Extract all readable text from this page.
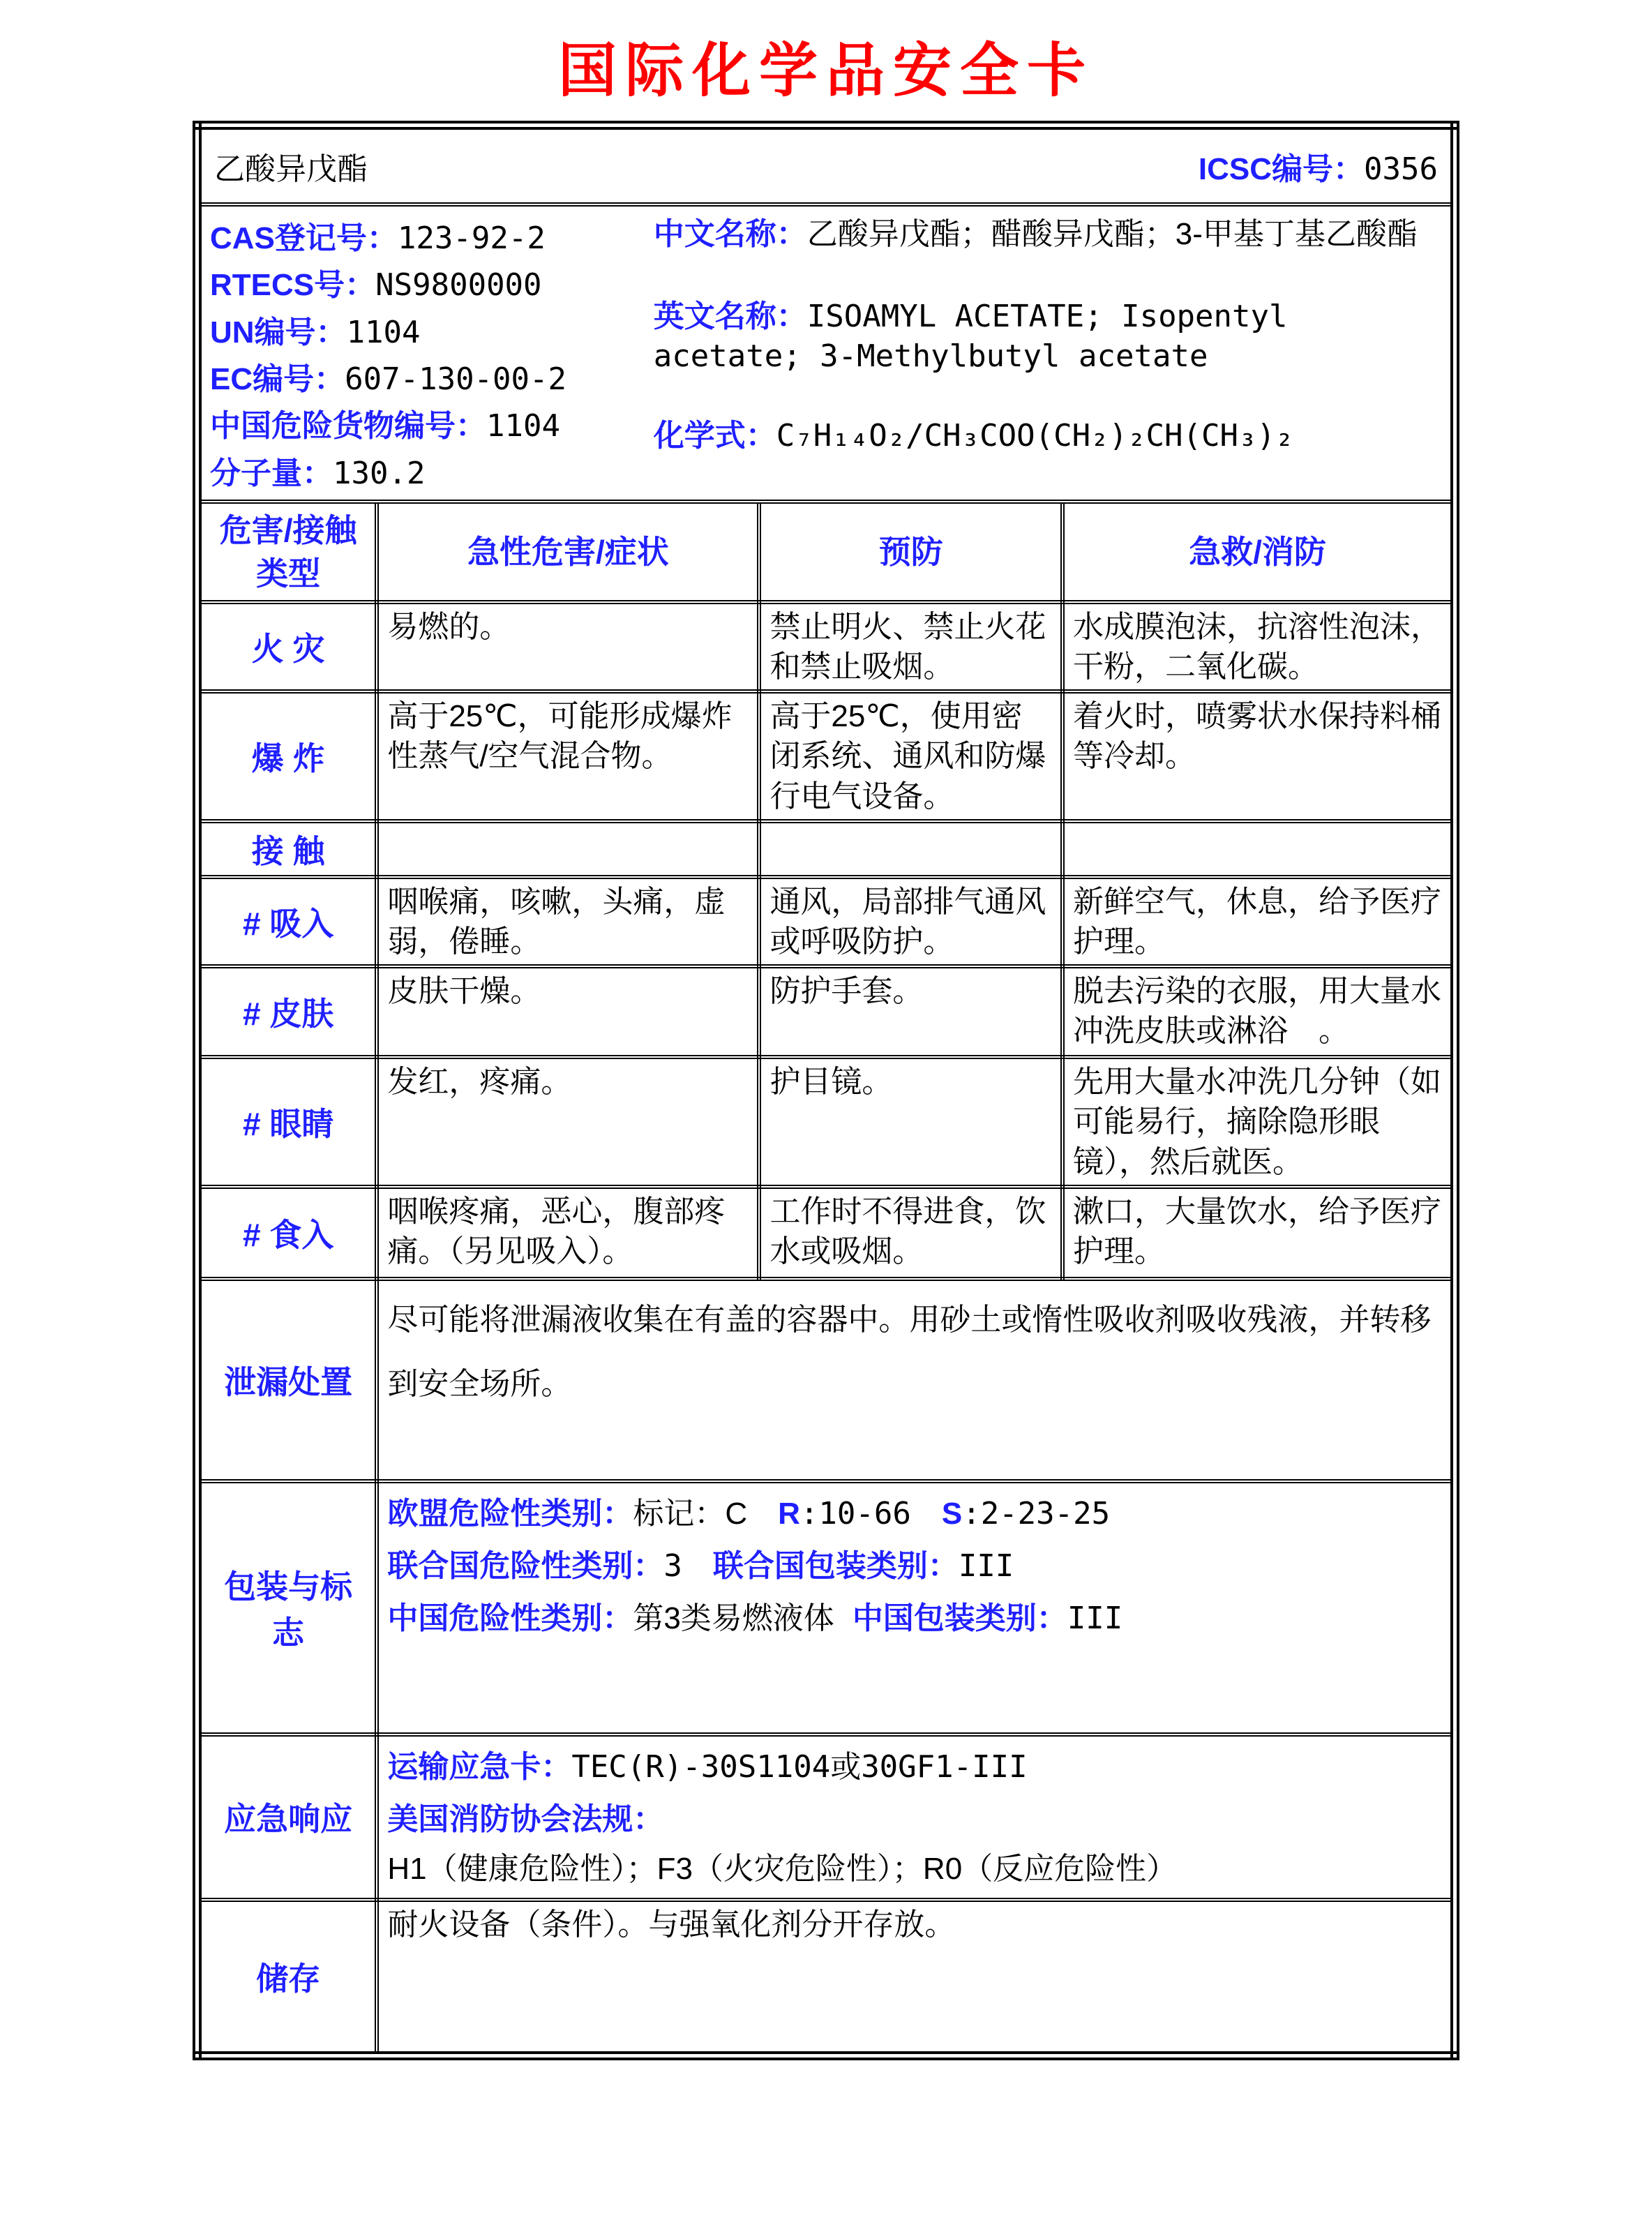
国际化学品安全卡
乙酸异戊酯 ICSC编号：0356			

CAS登记号：123-92-2
RTECS号：NS9800000
UN编号：1104
EC编号：607-130-00-2
中国危险货物编号：1104
分子量：130.2

中文名称：乙酸异戊酯；醋酸异戊酯；3-甲基丁基乙酸酯

英文名称：ISOAMYL ACETATE; Isopentyl acetate; 3-Methylbutyl acetate

化学式：C₇H₁₄O₂/CH₃COO(CH₂)₂CH(CH₃)₂

危害/接触
类型	急性危害/症状	预防	急救/消防
火 灾	易燃的。	禁止明火、禁止火花和禁止吸烟。	水成膜泡沫，抗溶性泡沫，干粉，二氧化碳。
爆 炸	高于25℃，可能形成爆炸性蒸气/空气混合物。	高于25℃，使用密闭系统、通风和防爆行电气设备。	着火时，喷雾状水保持料桶等冷却。
接 触			
# 吸入	咽喉痛，咳嗽，头痛，虚弱，倦睡。	通风，局部排气通风或呼吸防护。	新鲜空气，休息，给予医疗护理。
# 皮肤	皮肤干燥。	防护手套。	脱去污染的衣服，用大量水冲洗皮肤或淋浴　。
# 眼睛	发红，疼痛。	护目镜。	先用大量水冲洗几分钟（如可能易行，摘除隐形眼镜），然后就医。
# 食入	咽喉疼痛，恶心，腹部疼痛。（另见吸入）。	工作时不得进食，饮水或吸烟。	漱口，大量饮水，给予医疗护理。
泄漏处置	尽可能将泄漏液收集在有盖的容器中。用砂土或惰性吸收剂吸收残液，并转移到安全场所。		

包装与标志	欧盟危险性类别：标记：C R:10-66 S:2-23-25

联合国危险性类别：3 联合国包装类别：III

中国危险性类别：第3类易燃液体 中国包装类别：III		

应急响应	运输应急卡：TEC(R)-30S1104或30GF1-III

美国消防协会法规：H1（健康危险性）；F3（火灾危险性）；R0（反应危险性）		

储存	耐火设备（条件）。与强氧化剂分开存放。		
